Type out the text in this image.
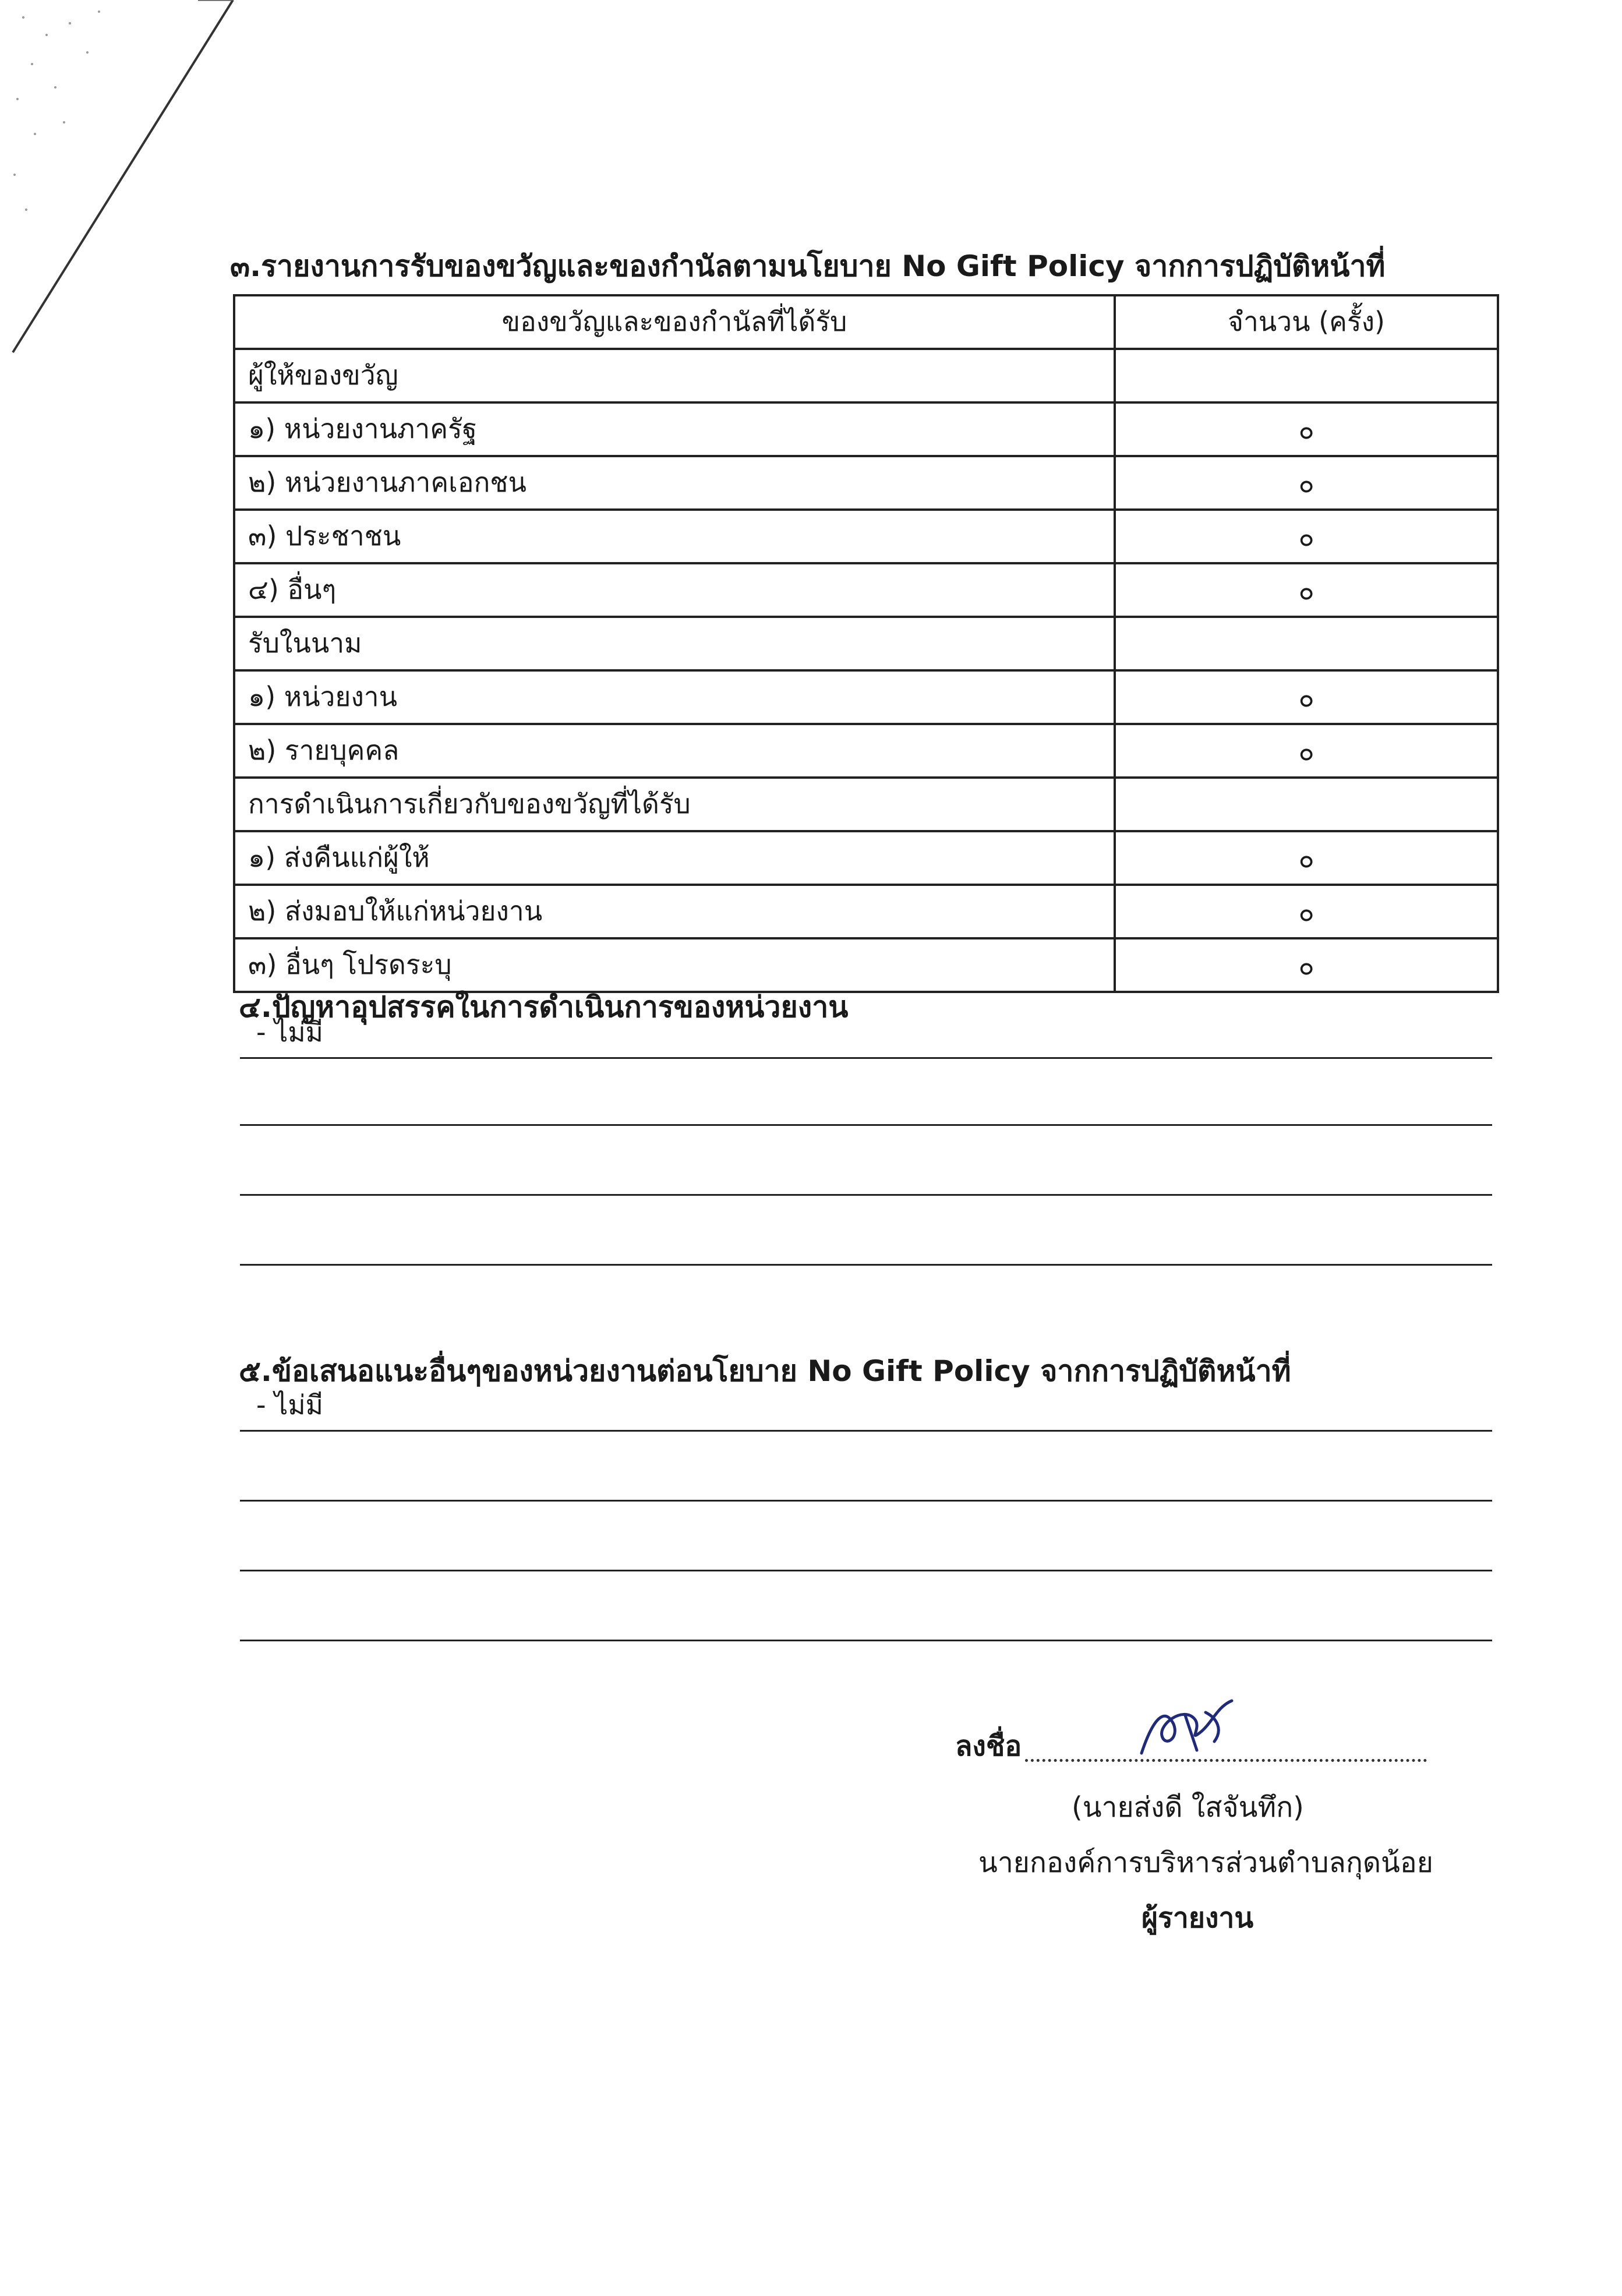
๓.รายงานการรับของขวัญและของกำนัลตามนโยบาย No Gift Policy จากการปฏิบัติหน้าที่
ของขวัญและของกำนัลที่ได้รับ	จำนวน (ครั้ง)
ผู้ให้ของขวัญ	
๑) หน่วยงานภาครัฐ	๐
๒) หน่วยงานภาคเอกชน	๐
๓) ประชาชน	๐
๔) อื่นๆ	๐
รับในนาม	
๑) หน่วยงาน	๐
๒) รายบุคคล	๐
การดำเนินการเกี่ยวกับของขวัญที่ได้รับ	
๑) ส่งคืนแก่ผู้ให้	๐
๒) ส่งมอบให้แก่หน่วยงาน	๐
๓) อื่นๆ โปรดระบุ	๐
๔.ปัญหาอุปสรรคในการดำเนินการของหน่วยงาน
- ไม่มี
๕.ข้อเสนอแนะอื่นๆของหน่วยงานต่อนโยบาย No Gift Policy จากการปฏิบัติหน้าที่
- ไม่มี
ลงชื่อ
(นายส่งดี ใสจันทึก)
นายกองค์การบริหารส่วนตำบลกุดน้อย
ผู้รายงาน
